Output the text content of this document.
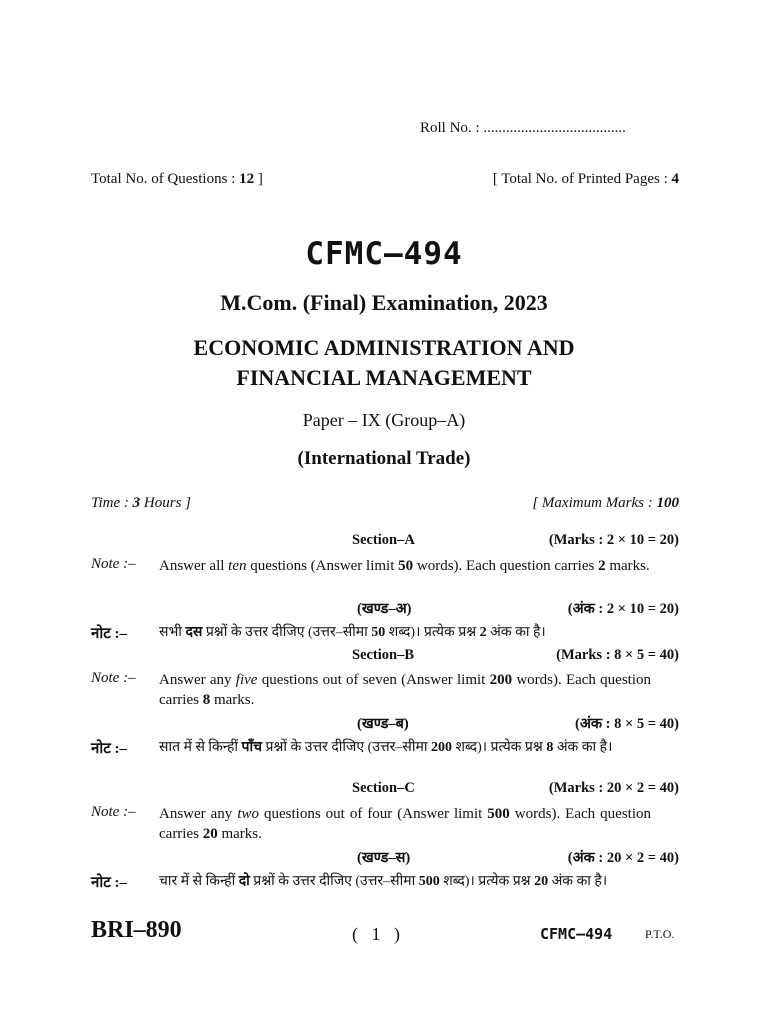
Roll No. : ......................................
Total No. of Questions : 12 ]	[ Total No. of Printed Pages : 4
CFMC–494
M.Com. (Final) Examination, 2023
ECONOMIC ADMINISTRATION AND
FINANCIAL MANAGEMENT
Paper – IX (Group–A)
(International Trade)
Time : 3 Hours ]	[ Maximum Marks : 100
Section–A	(Marks : 2 × 10 = 20)
Note :– Answer all ten questions (Answer limit 50 words). Each question carries 2 marks.
(खण्ड–अ)	(अंक : 2 × 10 = 20)
नोट :– सभी दस प्रश्नों के उत्तर दीजिए (उत्तर–सीमा 50 शब्द)। प्रत्येक प्रश्न 2 अंक का है।
Section–B	(Marks : 8 × 5 = 40)
Note :– Answer any five questions out of seven (Answer limit 200 words). Each question carries 8 marks.
(खण्ड–ब)	(अंक : 8 × 5 = 40)
नोट :– सात में से किन्हीं पाँच प्रश्नों के उत्तर दीजिए (उत्तर–सीमा 200 शब्द)। प्रत्येक प्रश्न 8 अंक का है।
Section–C	(Marks : 20 × 2 = 40)
Note :– Answer any two questions out of four (Answer limit 500 words). Each question carries 20 marks.
(खण्ड–स)	(अंक : 20 × 2 = 40)
नोट :– चार में से किन्हीं दो प्रश्नों के उत्तर दीजिए (उत्तर–सीमा 500 शब्द)। प्रत्येक प्रश्न 20 अंक का है।
BRI–890	(   1   )	CFMC–494	P.T.O.
